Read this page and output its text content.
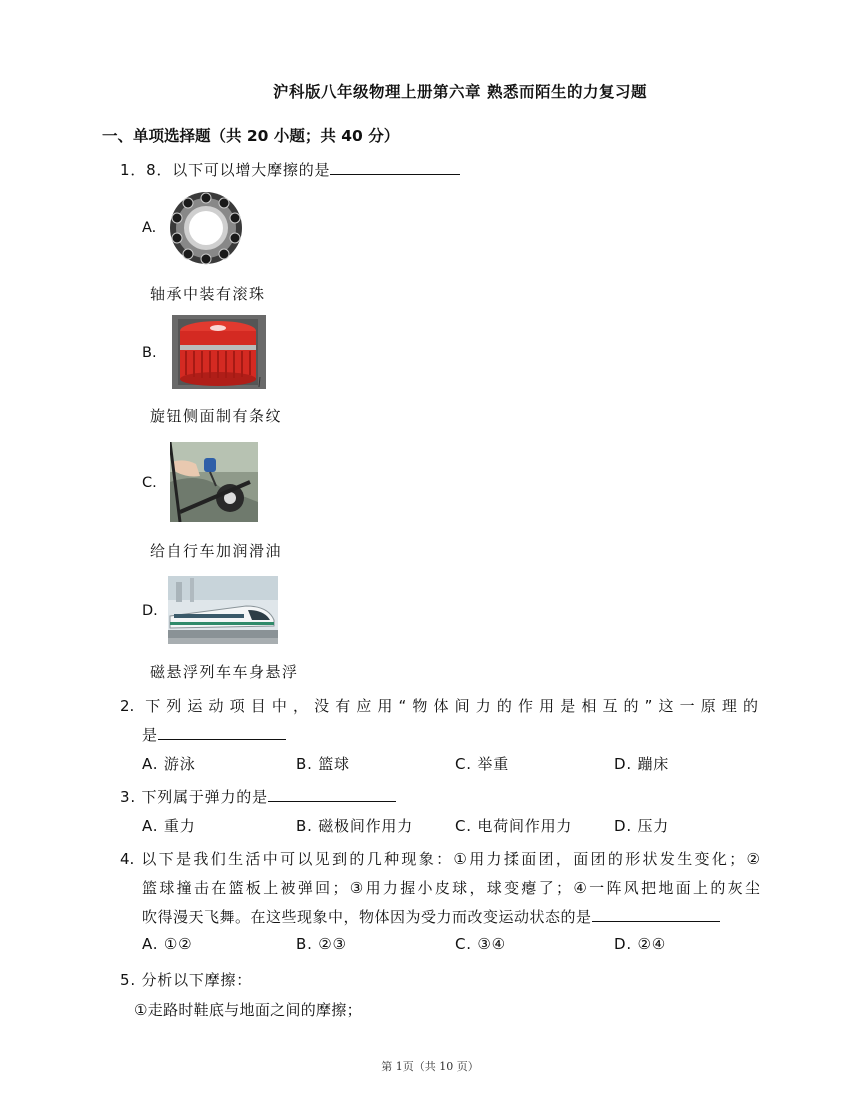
沪科版八年级物理上册第六章 熟悉而陌生的力复习题
一、单项选择题（共 20 小题；共 40 分）
1．8．以下可以增大摩擦的是
A.
轴承中装有滚珠
B.
旋钮侧面制有条纹
C.
给自行车加润滑油
D.
磁悬浮列车车身悬浮
2. 下列运动项目中，没有应用“物体间力的作用是相互的”这一原理的
是
A. 游泳	B. 篮球	C. 举重	D. 蹦床
3. 下列属于弹力的是
A. 重力	B. 磁极间作用力	C. 电荷间作用力	D. 压力
4. 以下是我们生活中可以见到的几种现象：①用力揉面团，面团的形状发生变化；②
篮球撞击在篮板上被弹回；③用力握小皮球，球变瘪了；④一阵风把地面上的灰尘
吹得漫天飞舞。在这些现象中，物体因为受力而改变运动状态的是
A. ①②	B. ②③	C. ③④	D. ②④
5. 分析以下摩擦：
①走路时鞋底与地面之间的摩擦；
第 1页（共 10 页）
